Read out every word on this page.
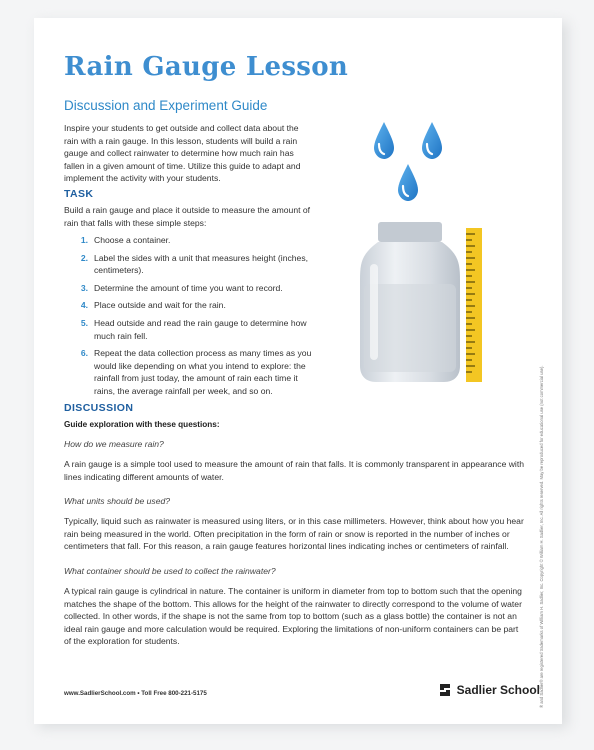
Rain Gauge Lesson
Discussion and Experiment Guide

Inspire your students to get outside and collect data about the rain with a rain gauge. In this lesson, students will build a rain gauge and collect rainwater to determine how much rain has fallen in a given amount of time. Utilize this guide to adapt and implement the activity with your students.

TASK

Build a rain gauge and place it outside to measure the amount of rain that falls with these simple steps:

1. Choose a container.
2. Label the sides with a unit that measures height (inches, centimeters).
3. Determine the amount of time you want to record.
4. Place outside and wait for the rain.
5. Head outside and read the rain gauge to determine how much rain fell.
6. Repeat the data collection process as many times as you would like depending on what you intend to explore: the rainfall from just today, the amount of rain each time it rains, the average rainfall per week, and so on.
DISCUSSION

Guide exploration with these questions:

How do we measure rain?

A rain gauge is a simple tool used to measure the amount of rain that falls. It is commonly transparent in appearance with lines indicating different amounts of water.

What units should be used?

Typically, liquid such as rainwater is measured using liters, or in this case millimeters. However, think about how you hear rain being measured in the world. Often precipitation in the form of rain or snow is reported in the number of inches or centimeters that fall. For this reason, a rain gauge features horizontal lines indicating inches or centimeters of rainfall.

What container should be used to collect the rainwater?

A typical rain gauge is cylindrical in nature. The container is uniform in diameter from top to bottom such that the opening matches the shape of the bottom. This allows for the height of the rainwater to directly correspond to the volume of water collected. In other words, if the shape is not the same from top to bottom (such as a glass bottle) the container is not an ideal rain gauge and more calculation would be required. Exploring the limitations of non-uniform containers can be part of the exploration for students.

www.SadlierSchool.com • Toll Free 800-221-5175	Sadlier School ® and Sadlier® are registered trademarks of William H. Sadlier, Inc. Copyright © William H. Sadlier, Inc. All rights reserved. May be reproduced for educational use (not commercial use).
